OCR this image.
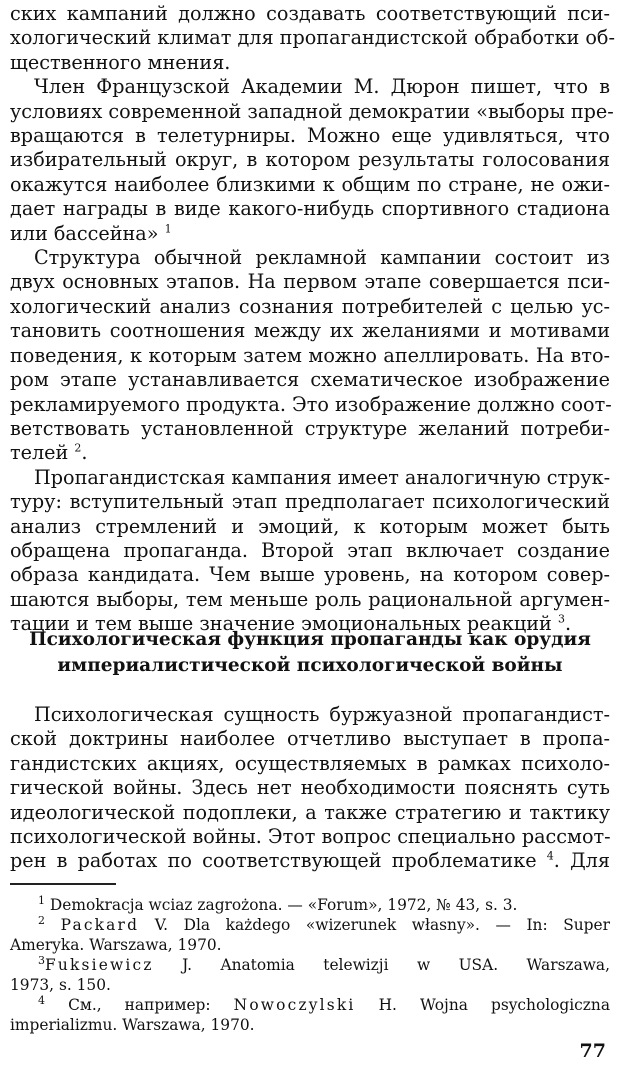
ских кампаний должно создавать соответствующий пси-
хологический климат для пропагандистской обработки об-
щественного мнения.

Член Французской Академии М. Дюрон пишет, что в
условиях современной западной демократии «выборы пре-
вращаются в телетурниры. Можно еще удивляться, что
избирательный округ, в котором результаты голосования
окажутся наиболее близкими к общим по стране, не ожи-
дает награды в виде какого-нибудь спортивного стадиона
или бассейна» $^1$

Структура обычной рекламной кампании состоит из
двух основных этапов. На первом этапе совершается пси-
хологический анализ сознания потребителей с целью ус-
тановить соотношения между их желаниями и мотивами
поведения, к которым затем можно апеллировать. На вто-
ром этапе устанавливается схематическое изображение
рекламируемого продукта. Это изображение должно соот-
ветствовать установленной структуре желаний потреби-
телей $^2$.

Пропагандистская кампания имеет аналогичную струк-
туру: вступительный этап предполагает психологический
анализ стремлений и эмоций, к которым может быть
обращена пропаганда. Второй этап включает создание
образа кандидата. Чем выше уровень, на котором совер-
шаются выборы, тем меньше роль рациональной аргумен-
тации и тем выше значение эмоциональных реакций $^3$.

Психологическая функция пропаганды как орудия
империалистической психологической войны
Психологическая сущность буржуазной пропагандист-
ской доктрины наиболее отчетливо выступает в пропа-
гандистских акциях, осуществляемых в рамках психоло-
гической войны. Здесь нет необходимости пояснять суть
идеологической подоплеки, а также стратегию и тактику
психологической войны. Этот вопрос специально рассмот-
рен в работах по соответствующей проблематике $^4$. Для
$^1$ Demokracja wciaz zagrożona. — «Forum», 1972, № 43, s. 3.
$^2$ Packard V. Dla każdego «wizerunek własny». — In: Super
Ameryka. Warszawa, 1970.
$^3$Fuksiewicz J. Anatomia telewizji w USA. Warszawa,
1973, s. 150.
$^4$ См., например: Nowoczylski H. Wojna psychologiczna
imperializmu. Warszawa, 1970.
77
